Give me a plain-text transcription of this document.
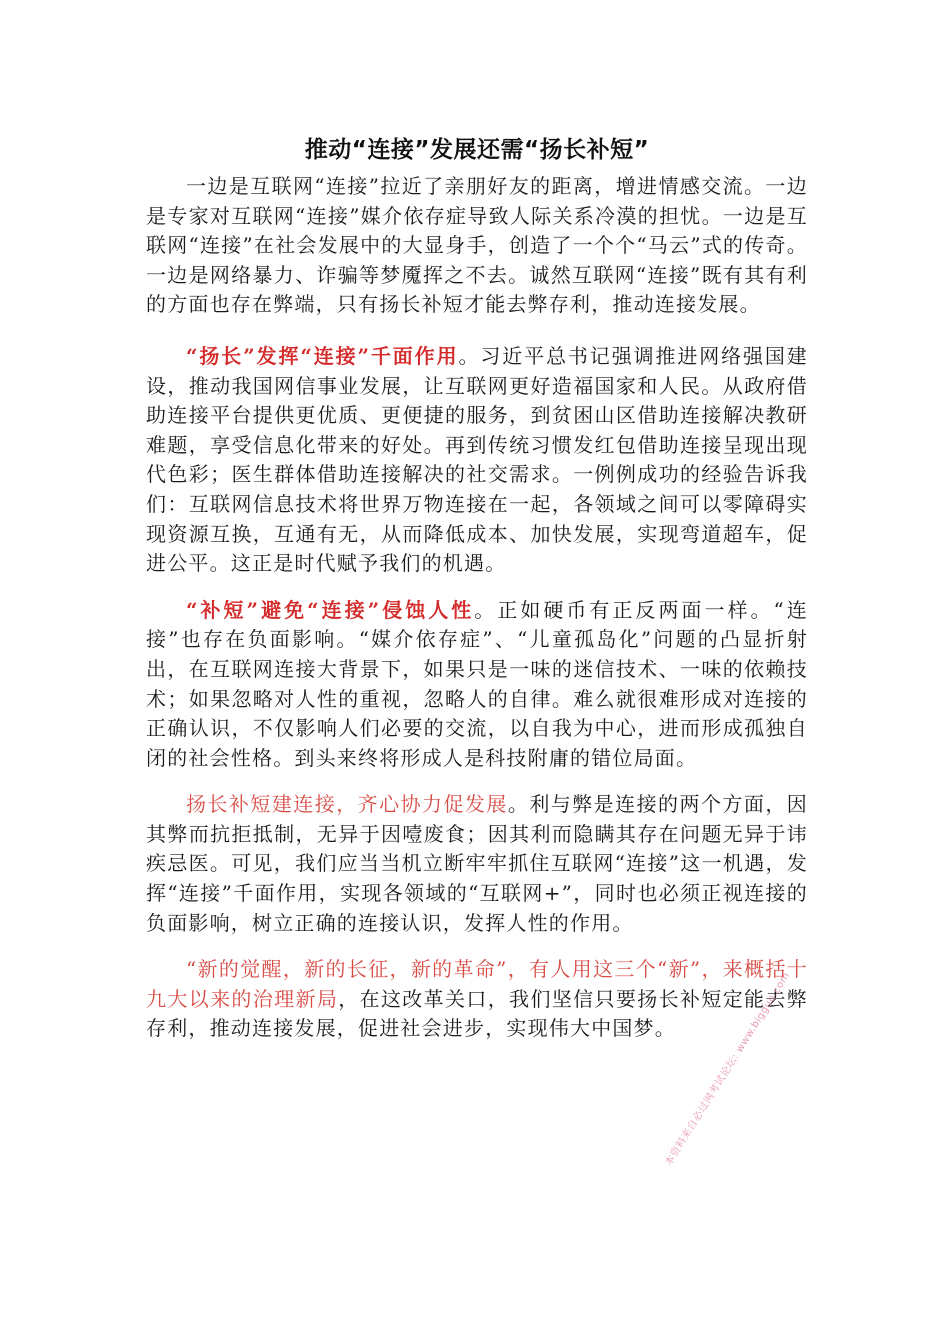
推动“连接”发展还需“扬长补短”

一边是互联网“连接”拉近了亲朋好友的距离，增进情感交流。一边是专家对互联网“连接”媒介依存症导致人际关系冷漠的担忧。一边是互联网“连接”在社会发展中的大显身手，创造了一个个“马云”式的传奇。一边是网络暴力、诈骗等梦魇挥之不去。诚然互联网“连接”既有其有利的方面也存在弊端，只有扬长补短才能去弊存利，推动连接发展。

“扬长”发挥“连接”千面作用。习近平总书记强调推进网络强国建设，推动我国网信事业发展，让互联网更好造福国家和人民。从政府借助连接平台提供更优质、更便捷的服务，到贫困山区借助连接解决教研难题，享受信息化带来的好处。再到传统习惯发红包借助连接呈现出现代色彩；医生群体借助连接解决的社交需求。一例例成功的经验告诉我们：互联网信息技术将世界万物连接在一起，各领域之间可以零障碍实现资源互换，互通有无，从而降低成本、加快发展，实现弯道超车，促进公平。这正是时代赋予我们的机遇。

“补短”避免“连接”侵蚀人性。正如硬币有正反两面一样。“连接”也存在负面影响。“媒介依存症”、“儿童孤岛化”问题的凸显折射出，在互联网连接大背景下，如果只是一味的迷信技术、一味的依赖技术；如果忽略对人性的重视，忽略人的自律。难么就很难形成对连接的正确认识，不仅影响人们必要的交流，以自我为中心，进而形成孤独自闭的社会性格。到头来终将形成人是科技附庸的错位局面。

扬长补短建连接，齐心协力促发展。利与弊是连接的两个方面，因其弊而抗拒抵制，无异于因噎废食；因其利而隐瞒其存在问题无异于讳疾忌医。可见，我们应当当机立断牢牢抓住互联网“连接”这一机遇，发挥“连接”千面作用，实现各领域的“互联网+”，同时也必须正视连接的负面影响，树立正确的连接认识，发挥人性的作用。

“新的觉醒，新的长征，新的革命”，有人用这三个“新”，来概括十九大以来的治理新局，在这改革关口，我们坚信只要扬长补短定能去弊存利，推动连接发展，促进社会进步，实现伟大中国梦。

本资料来自必过网考试论坛: www.bigguo.com
